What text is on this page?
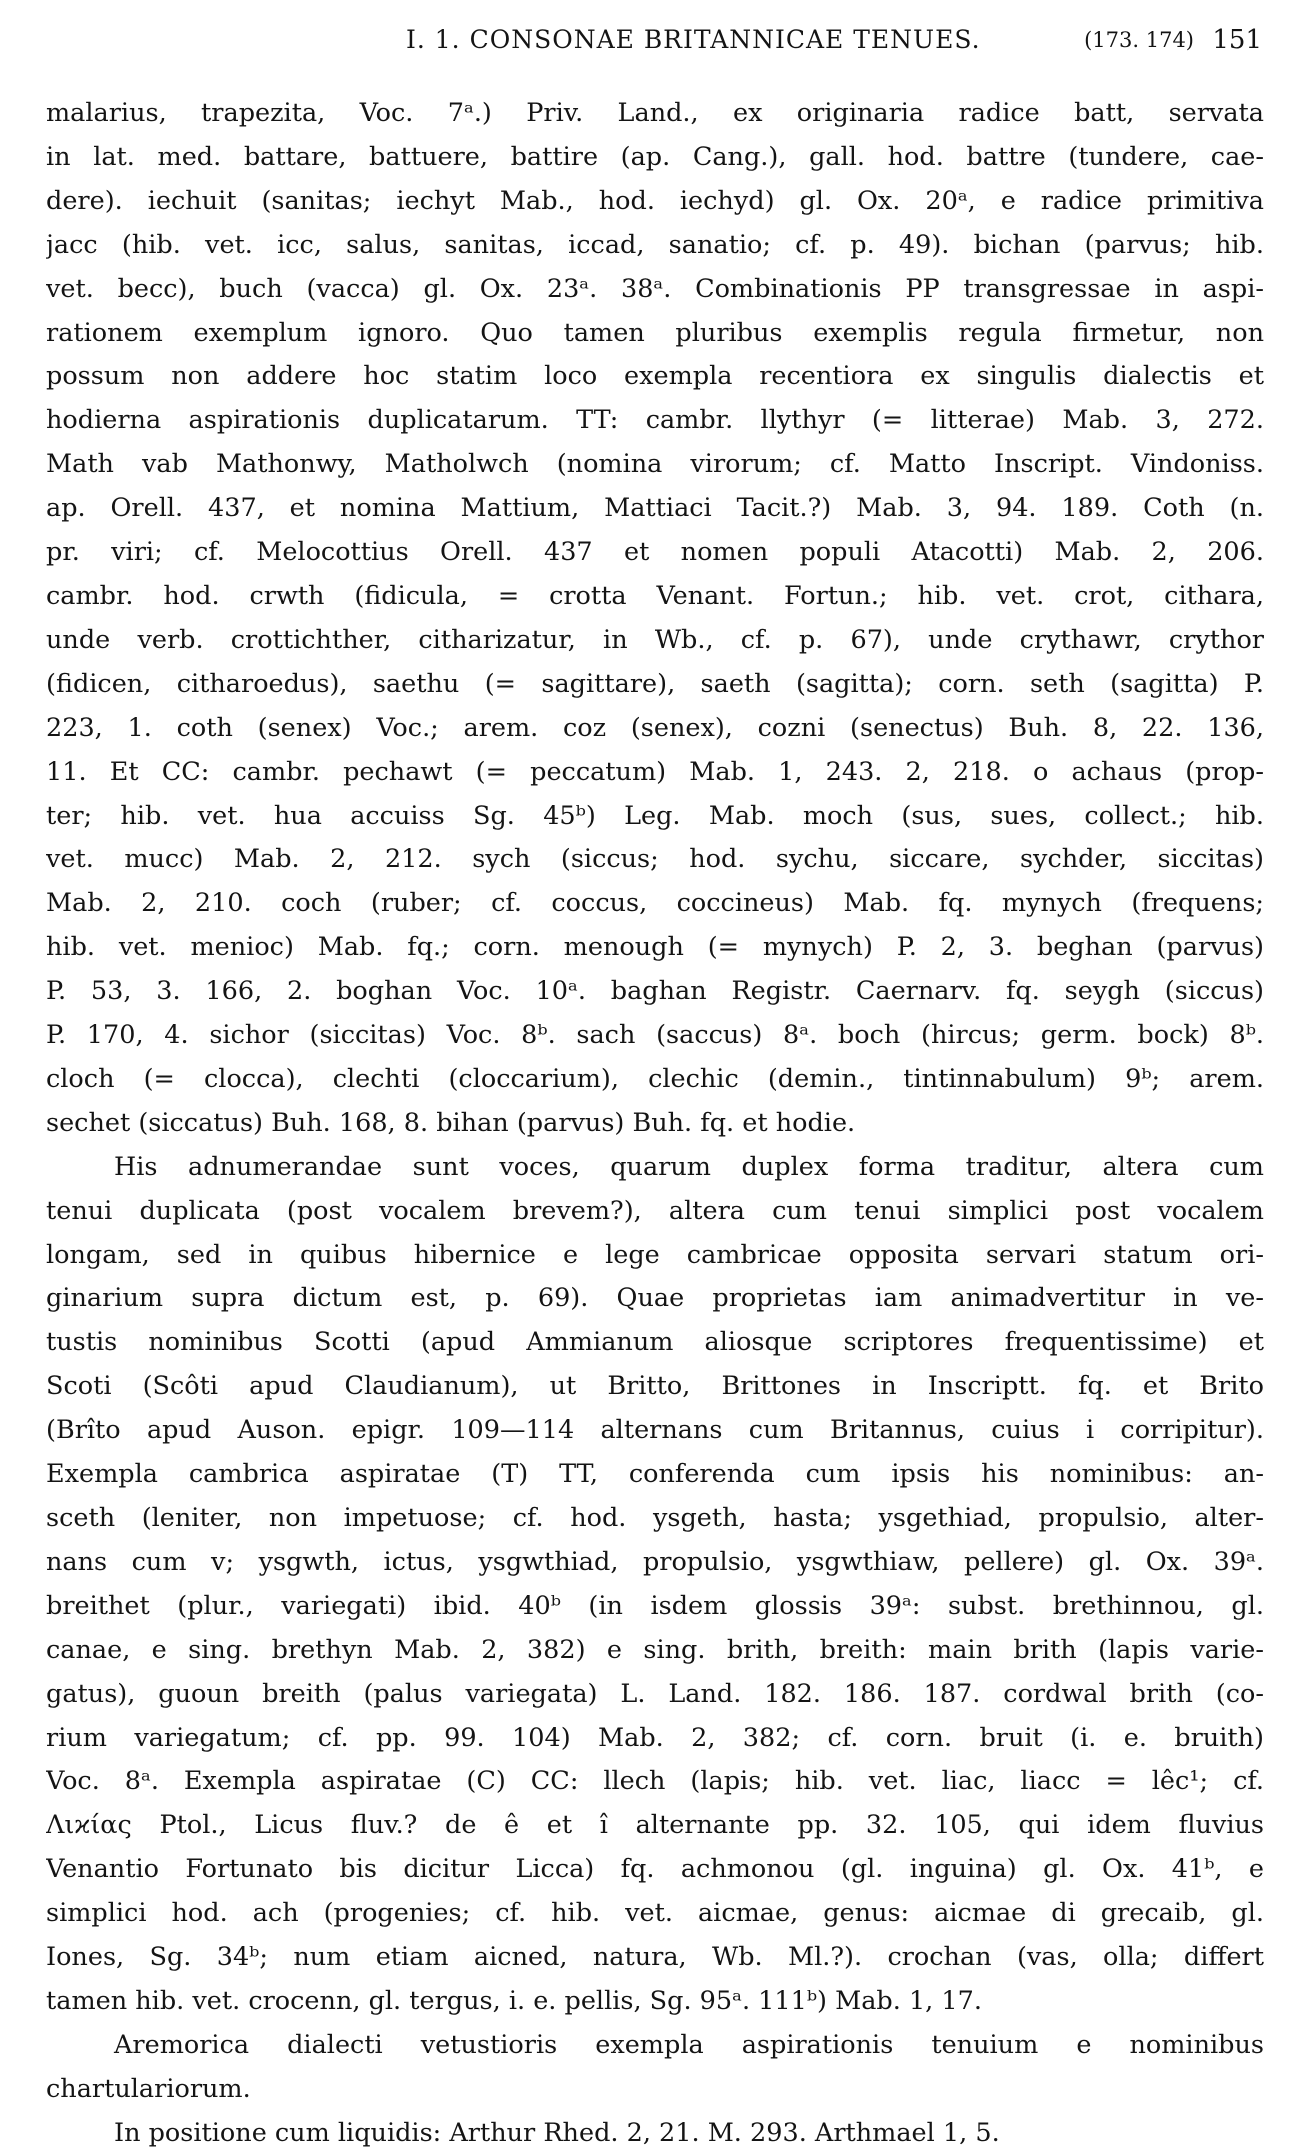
I. 1. CONSONAE BRITANNICAE TENUES.	(173. 174) 151
malarius, trapezita, Voc. 7ᵃ.) Priv. Land., ex originaria radice batt, servata
in lat. med. battare, battuere, battire (ap. Cang.), gall. hod. battre (tundere, cae-
dere). iechuit (sanitas; iechyt Mab., hod. iechyd) gl. Ox. 20ᵃ, e radice primitiva
jacc (hib. vet. icc, salus, sanitas, iccad, sanatio; cf. p. 49). bichan (parvus; hib.
vet. becc), buch (vacca) gl. Ox. 23ᵃ. 38ᵃ. Combinationis PP transgressae in aspi-
rationem exemplum ignoro. Quo tamen pluribus exemplis regula firmetur, non
possum non addere hoc statim loco exempla recentiora ex singulis dialectis et
hodierna aspirationis duplicatarum. TT: cambr. llythyr (= litterae) Mab. 3, 272.
Math vab Mathonwy, Matholwch (nomina virorum; cf. Matto Inscript. Vindoniss.
ap. Orell. 437, et nomina Mattium, Mattiaci Tacit.?) Mab. 3, 94. 189. Coth (n.
pr. viri; cf. Melocottius Orell. 437 et nomen populi Atacotti) Mab. 2, 206.
cambr. hod. crwth (fidicula, = crotta Venant. Fortun.; hib. vet. crot, cithara,
unde verb. crottichther, citharizatur, in Wb., cf. p. 67), unde crythawr, crythor
(fidicen, citharoedus), saethu (= sagittare), saeth (sagitta); corn. seth (sagitta) P.
223, 1. coth (senex) Voc.; arem. coz (senex), cozni (senectus) Buh. 8, 22. 136,
11. Et CC: cambr. pechawt (= peccatum) Mab. 1, 243. 2, 218. o achaus (prop-
ter; hib. vet. hua accuiss Sg. 45ᵇ) Leg. Mab. moch (sus, sues, collect.; hib.
vet. mucc) Mab. 2, 212. sych (siccus; hod. sychu, siccare, sychder, siccitas)
Mab. 2, 210. coch (ruber; cf. coccus, coccineus) Mab. fq. mynych (frequens;
hib. vet. menioc) Mab. fq.; corn. menough (= mynych) P. 2, 3. beghan (parvus)
P. 53, 3. 166, 2. boghan Voc. 10ᵃ. baghan Registr. Caernarv. fq. seygh (siccus)
P. 170, 4. sichor (siccitas) Voc. 8ᵇ. sach (saccus) 8ᵃ. boch (hircus; germ. bock) 8ᵇ.
cloch (= clocca), clechti (cloccarium), clechic (demin., tintinnabulum) 9ᵇ; arem.
sechet (siccatus) Buh. 168, 8. bihan (parvus) Buh. fq. et hodie.
His adnumerandae sunt voces, quarum duplex forma traditur, altera cum
tenui duplicata (post vocalem brevem?), altera cum tenui simplici post vocalem
longam, sed in quibus hibernice e lege cambricae opposita servari statum ori-
ginarium supra dictum est, p. 69). Quae proprietas iam animadvertitur in ve-
tustis nominibus Scotti (apud Ammianum aliosque scriptores frequentissime) et
Scoti (Scôti apud Claudianum), ut Britto, Brittones in Inscriptt. fq. et Brito
(Brîto apud Auson. epigr. 109—114 alternans cum Britannus, cuius i corripitur).
Exempla cambrica aspiratae (T) TT, conferenda cum ipsis his nominibus: an-
sceth (leniter, non impetuose; cf. hod. ysgeth, hasta; ysgethiad, propulsio, alter-
nans cum v; ysgwth, ictus, ysgwthiad, propulsio, ysgwthiaw, pellere) gl. Ox. 39ᵃ.
breithet (plur., variegati) ibid. 40ᵇ (in isdem glossis 39ᵃ: subst. brethinnou, gl.
canae, e sing. brethyn Mab. 2, 382) e sing. brith, breith: main brith (lapis varie-
gatus), guoun breith (palus variegata) L. Land. 182. 186. 187. cordwal brith (co-
rium variegatum; cf. pp. 99. 104) Mab. 2, 382; cf. corn. bruit (i. e. bruith)
Voc. 8ᵃ. Exempla aspiratae (C) CC: llech (lapis; hib. vet. liac, liacc = lêc¹; cf.
Λιϰίας Ptol., Licus fluv.? de ê et î alternante pp. 32. 105, qui idem fluvius
Venantio Fortunato bis dicitur Licca) fq. achmonou (gl. inguina) gl. Ox. 41ᵇ, e
simplici hod. ach (progenies; cf. hib. vet. aicmae, genus: aicmae di grecaib, gl.
Iones, Sg. 34ᵇ; num etiam aicned, natura, Wb. Ml.?). crochan (vas, olla; differt
tamen hib. vet. crocenn, gl. tergus, i. e. pellis, Sg. 95ᵃ. 111ᵇ) Mab. 1, 17.
Aremorica dialecti vetustioris exempla aspirationis tenuium e nominibus
chartulariorum.
In positione cum liquidis: Arthur Rhed. 2, 21. M. 293. Arthmael 1, 5.
